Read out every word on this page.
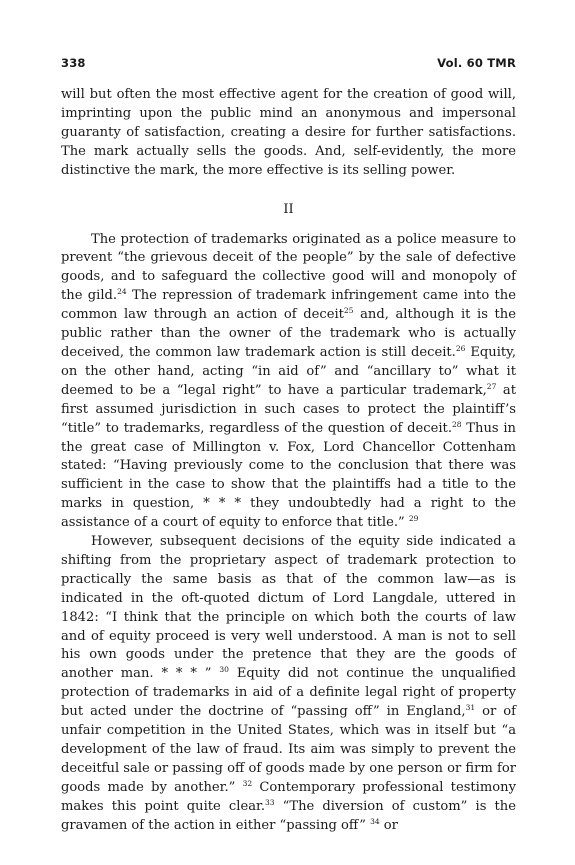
338	Vol. 60 TMR

will but often the most effective agent for the creation of good will, imprinting upon the public mind an anonymous and impersonal guaranty of satisfaction, creating a desire for further satisfactions. The mark actually sells the goods. And, self-evidently, the more distinctive the mark, the more effective is its selling power.

II

The protection of trademarks originated as a police measure to prevent “the grievous deceit of the people” by the sale of defective goods, and to safeguard the collective good will and monopoly of the gild.$^{24}$ The repression of trademark infringement came into the common law through an action of deceit$^{25}$ and, although it is the public rather than the owner of the trademark who is actually deceived, the common law trademark action is still deceit.$^{26}$ Equity, on the other hand, acting “in aid of” and “ancillary to” what it deemed to be a “legal right” to have a particular trademark,$^{27}$ at first assumed jurisdiction in such cases to protect the plaintiff’s “title” to trademarks, regardless of the question of deceit.$^{28}$ Thus in the great case of Millington v. Fox, Lord Chancellor Cottenham stated: “Having previously come to the conclusion that there was sufficient in the case to show that the plaintiffs had a title to the marks in question, * * * they undoubtedly had a right to the assistance of a court of equity to enforce that title.” $^{29}$

However, subsequent decisions of the equity side indicated a shifting from the proprietary aspect of trademark protection to practically the same basis as that of the common law—as is indicated in the oft-quoted dictum of Lord Langdale, uttered in 1842: “I think that the principle on which both the courts of law and of equity proceed is very well understood. A man is not to sell his own goods under the pretence that they are the goods of another man. * * * ” $^{30}$ Equity did not continue the unqualified protection of trademarks in aid of a definite legal right of property but acted under the doctrine of “passing off” in England,$^{31}$ or of unfair competition in the United States, which was in itself but “a development of the law of fraud. Its aim was simply to prevent the deceitful sale or passing off of goods made by one person or firm for goods made by another.” $^{32}$ Contemporary professional testimony makes this point quite clear.$^{33}$ “The diversion of custom” is the gravamen of the action in either “passing off” $^{34}$ or
